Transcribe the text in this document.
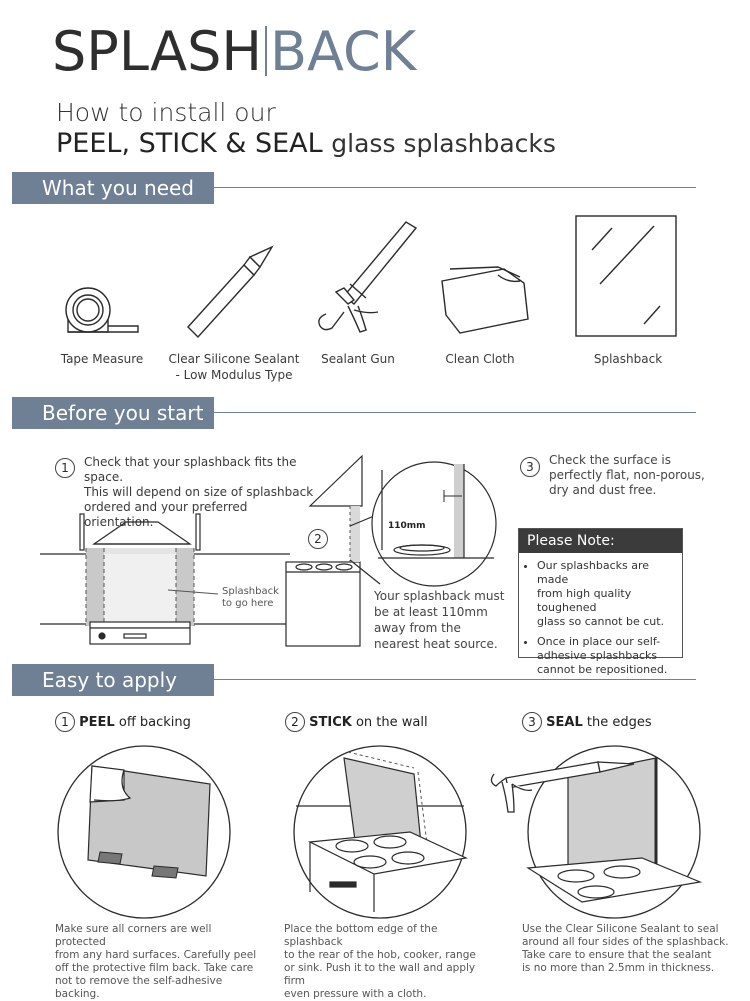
SPLASH BACK
How to install our
PEEL, STICK & SEAL glass splashbacks
What you need
Tape Measure	Clear Silicone Sealant
- Low Modulus Type
Sealant Gun	Clean Cloth	Splashback
Before you start
1	Check that your splashback fits the space.
This will depend on size of splashback
ordered and your preferred orientation.
Splashback
to go here
110mm
2
Your splashback must
be at least 110mm
away from the
nearest heat source.
3	Check the surface is
perfectly flat, non-porous,
dry and dust free.
Please Note:
• Our splashbacks are made
from high quality toughened
glass so cannot be cut.
• Once in place our self-
adhesive splashbacks
cannot be repositioned.
Easy to apply
1 PEEL off backing	2 STICK on the wall	3 SEAL the edges
Make sure all corners are well protected
from any hard surfaces. Carefully peel
off the protective film back. Take care
not to remove the self-adhesive backing.
Place the bottom edge of the splashback
to the rear of the hob, cooker, range
or sink. Push it to the wall and apply firm
even pressure with a cloth.
Use the Clear Silicone Sealant to seal
around all four sides of the splashback.
Take care to ensure that the sealant
is no more than 2.5mm in thickness.
